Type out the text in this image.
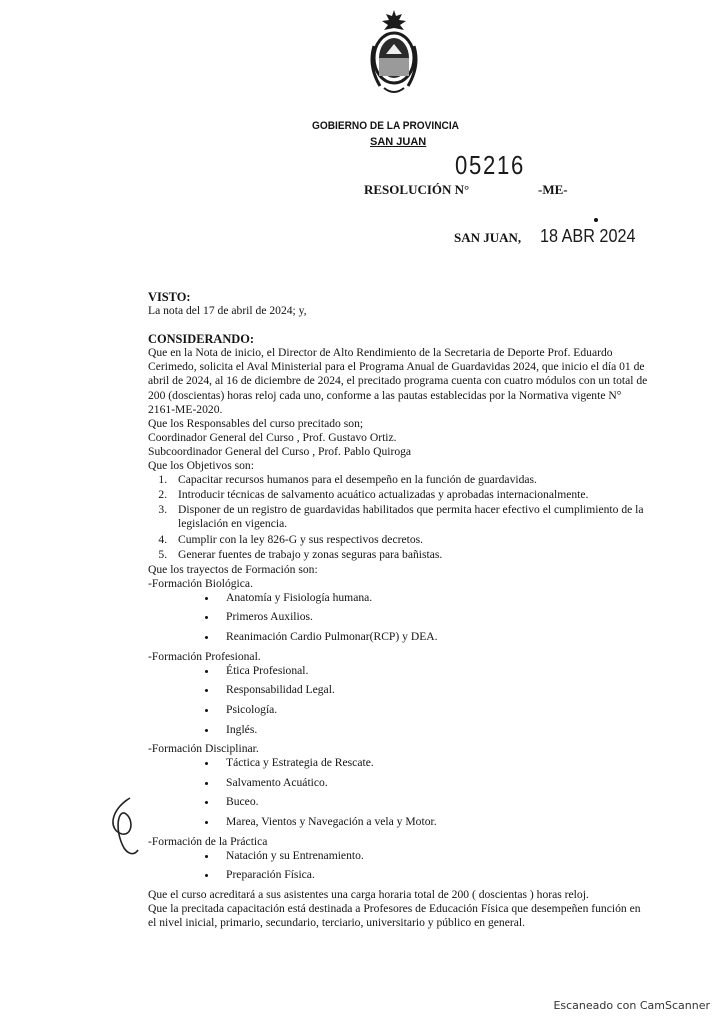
GOBIERNO DE LA PROVINCIA
SAN JUAN
05216
RESOLUCIÓN N°	-ME-
SAN JUAN, 18 ABR 2024

VISTO:

La nota del 17 de abril de 2024; y,

CONSIDERANDO:

Que en la Nota de inicio, el Director de Alto Rendimiento de la Secretaria de Deporte Prof. Eduardo Cerimedo, solicita el Aval Ministerial para el Programa Anual de Guardavidas 2024, que inicio el día 01 de abril de 2024, al 16 de diciembre de 2024, el precitado programa cuenta con cuatro módulos con un total de 200 (doscientas) horas reloj cada uno, conforme a las pautas establecidas por la Normativa vigente N° 2161-ME-2020.

Que los Responsables del curso precitado son;

Coordinador General del Curso , Prof. Gustavo Ortiz.

Subcoordinador General del Curso , Prof. Pablo Quiroga

Que los Objetivos son:

1. Capacitar recursos humanos para el desempeño en la función de guardavidas.
2. Introducir técnicas de salvamento acuático actualizadas y aprobadas internacionalmente.
3. Disponer de un registro de guardavidas habilitados que permita hacer efectivo el cumplimiento de la legislación en vigencia.
4. Cumplir con la ley 826-G y sus respectivos decretos.
5. Generar fuentes de trabajo y zonas seguras para bañistas.

Que los trayectos de Formación son:

-Formación Biológica.

• Anatomía y Fisiología humana.
• Primeros Auxilios.
• Reanimación Cardio Pulmonar(RCP) y DEA.

-Formación Profesional.

• Ética Profesional.
• Responsabilidad Legal.
• Psicología.
• Inglés.

-Formación Disciplinar.

• Táctica y Estrategia de Rescate.
• Salvamento Acuático.
• Buceo.
• Marea, Vientos y Navegación a vela y Motor.

-Formación de la Práctica

• Natación y su Entrenamiento.
• Preparación Física.

Que el curso acreditará a sus asistentes una carga horaria total de 200 ( doscientas ) horas reloj.

Que la precitada capacitación está destinada a Profesores de Educación Física que desempeñen función en el nivel inicial, primario, secundario, terciario, universitario y público en general.

Escaneado con CamScanner
